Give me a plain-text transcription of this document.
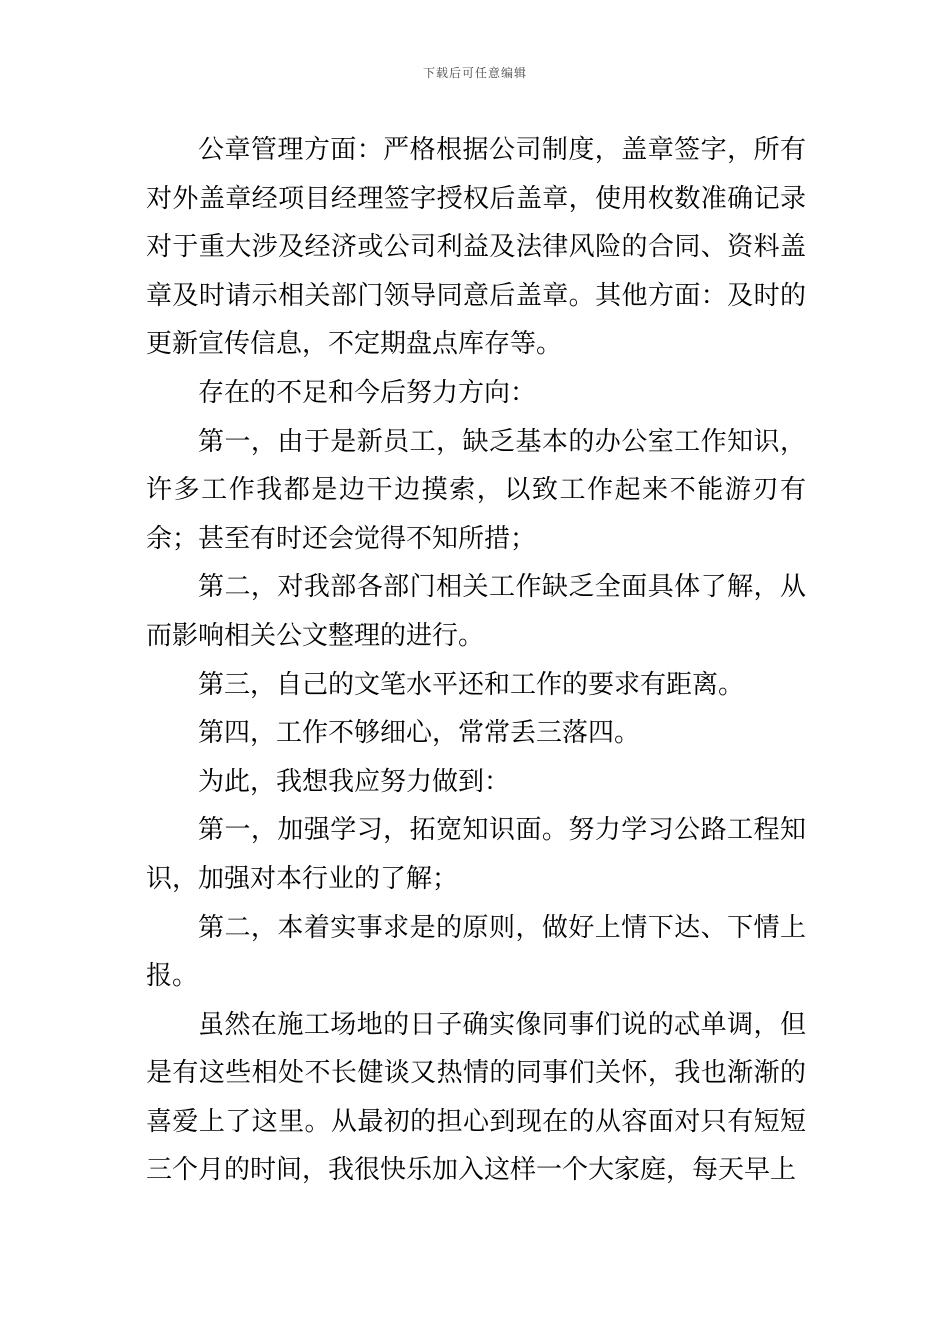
下载后可任意编辑

公章管理方面：严格根据公司制度，盖章签字，所有对外盖章经项目经理签字授权后盖章，使用枚数准确记录对于重大涉及经济或公司利益及法律风险的合同、资料盖章及时请示相关部门领导同意后盖章。其他方面：及时的更新宣传信息，不定期盘点库存等。

存在的不足和今后努力方向：

第一，由于是新员工，缺乏基本的办公室工作知识，许多工作我都是边干边摸索，以致工作起来不能游刃有余；甚至有时还会觉得不知所措；

第二，对我部各部门相关工作缺乏全面具体了解，从而影响相关公文整理的进行。

第三，自己的文笔水平还和工作的要求有距离。

第四，工作不够细心，常常丢三落四。

为此，我想我应努力做到：

第一，加强学习，拓宽知识面。努力学习公路工程知识，加强对本行业的了解；

第二，本着实事求是的原则，做好上情下达、下情上报。

虽然在施工场地的日子确实像同事们说的忒单调，但是有这些相处不长健谈又热情的同事们关怀，我也渐渐的喜爱上了这里。从最初的担心到现在的从容面对只有短短三个月的时间，我很快乐加入这样一个大家庭，每天早上
